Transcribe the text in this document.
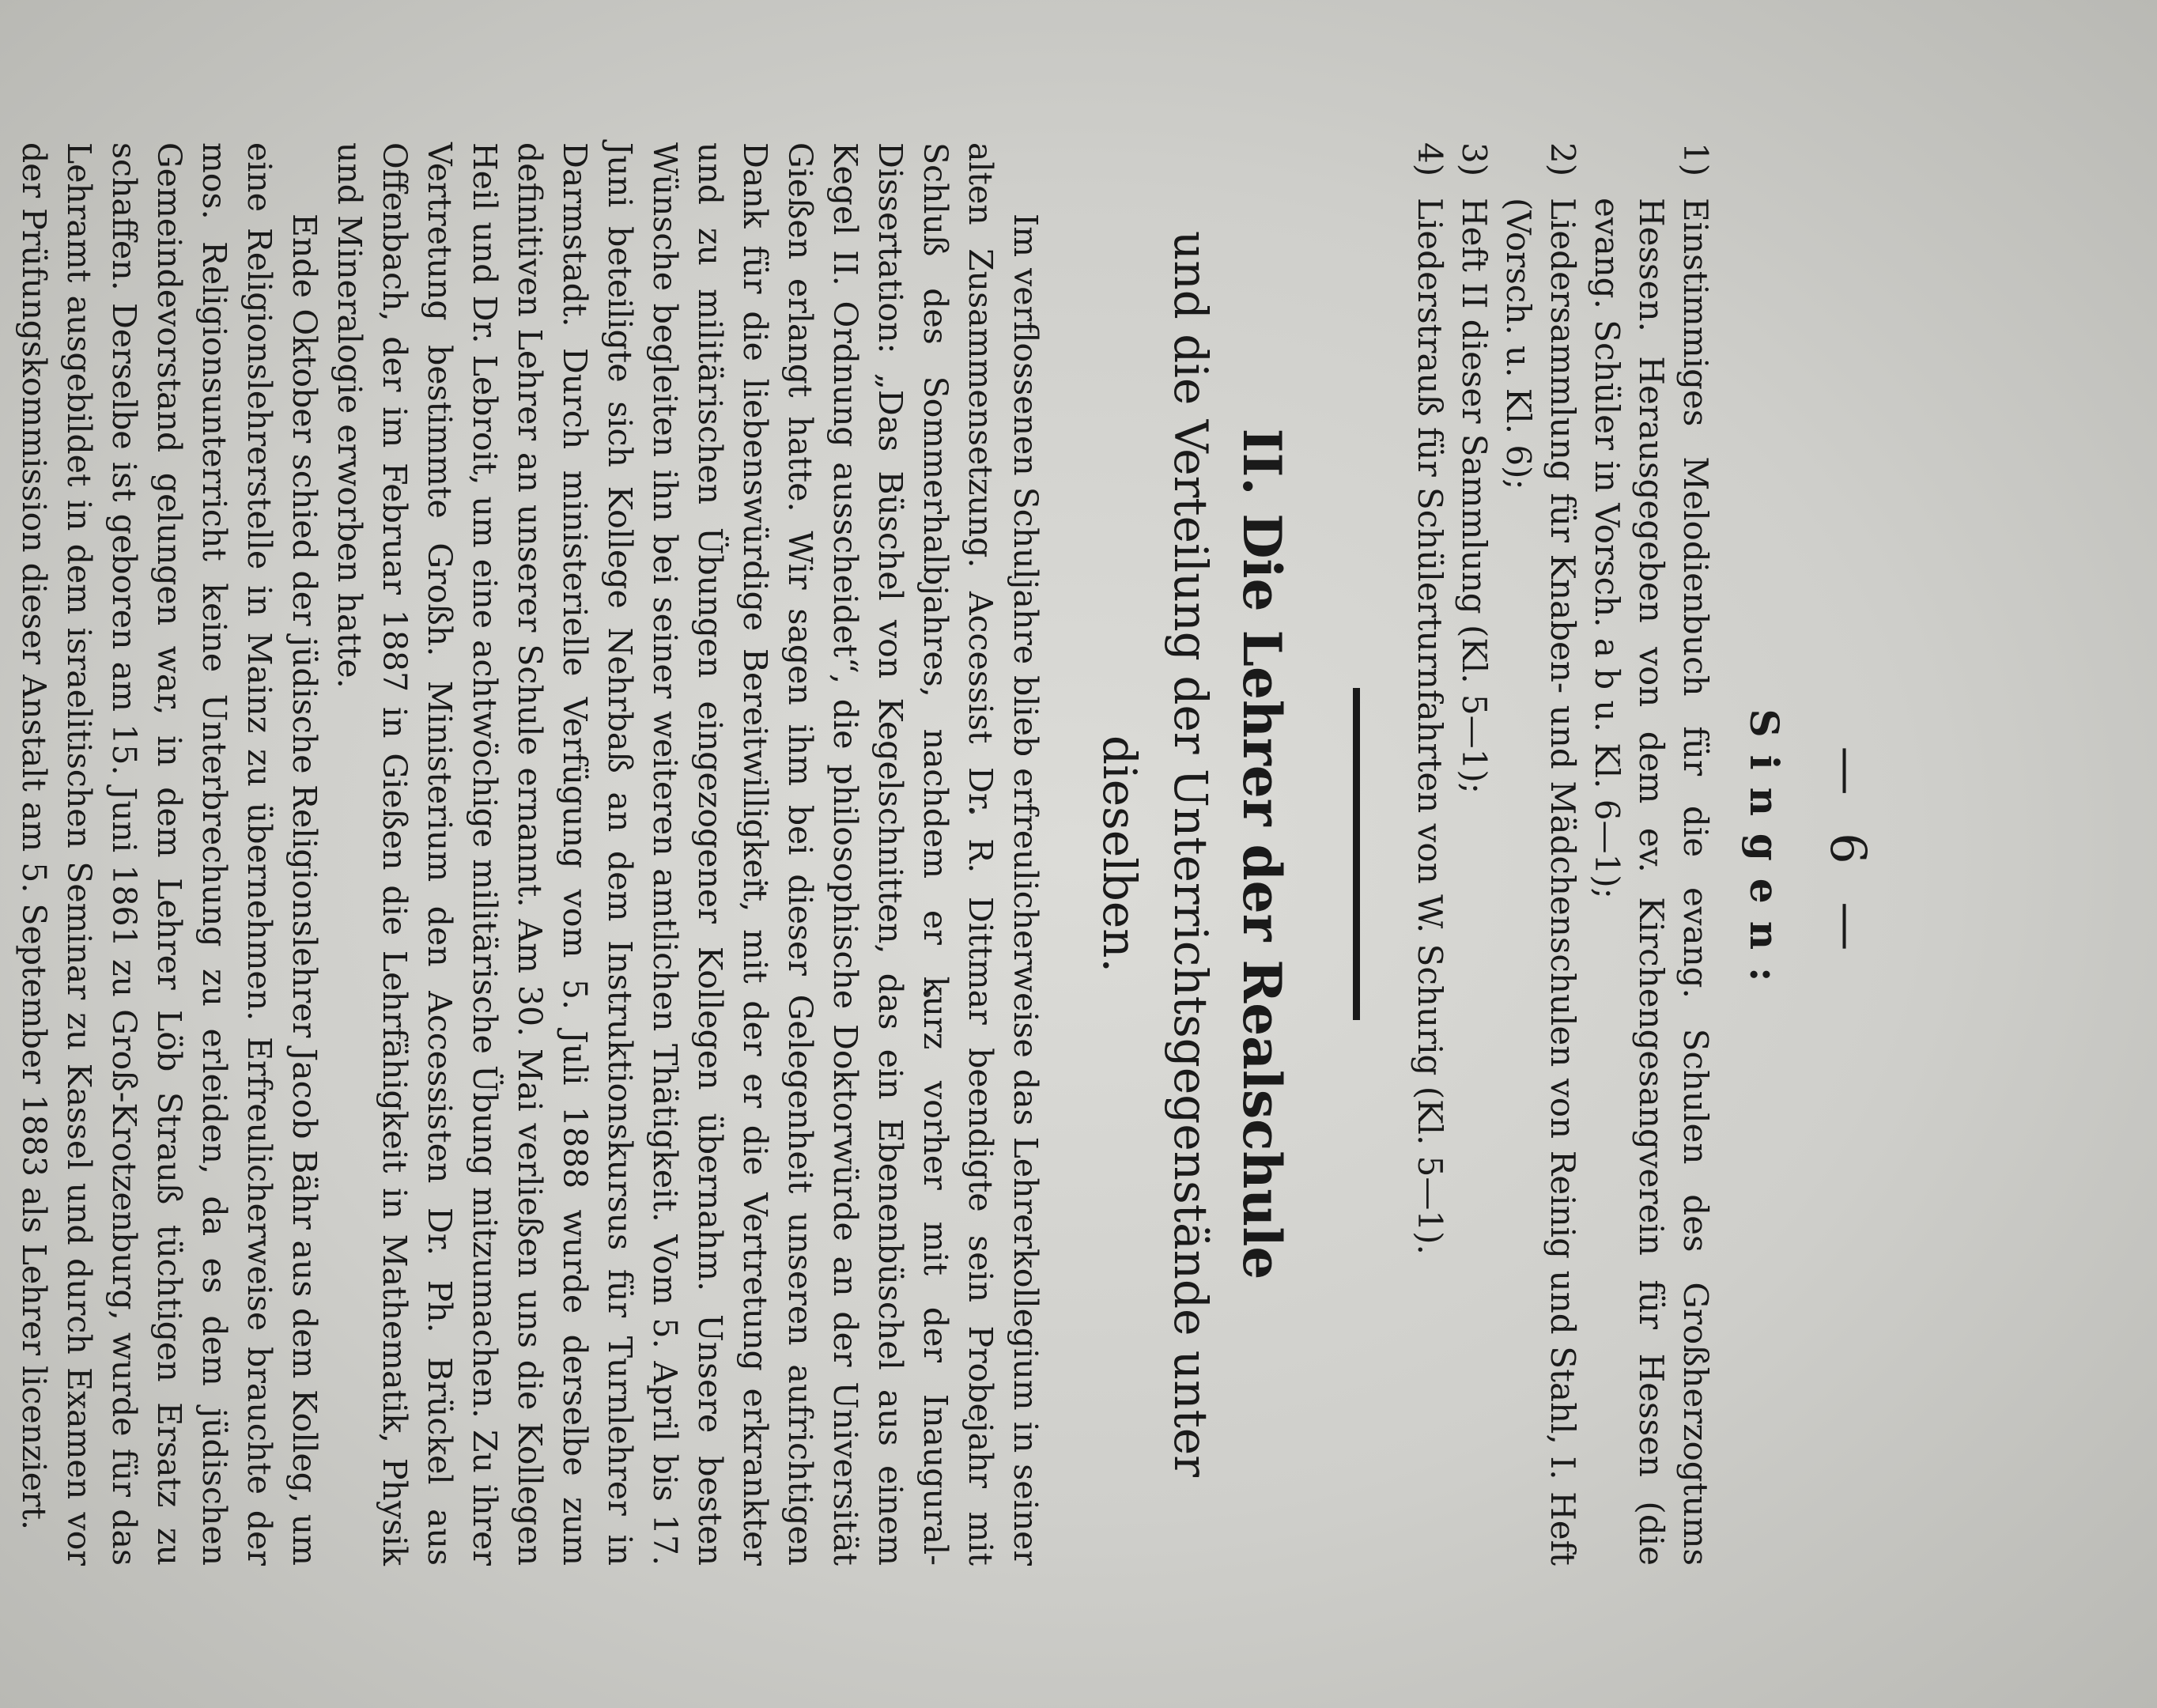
— 6 —
Singen:
1)
Einstimmiges Melodienbuch für die evang. Schulen des Großherzogtums Hessen. Herausgegeben von dem ev. Kirchengesangverein für Hessen (die evang. Schüler in Vorsch. a b u. Kl. 6—1);
2)
Liedersammlung für Knaben- und Mädchenschulen von Reinig und Stahl, I. Heft (Vorsch. u. Kl. 6);
3)
Heft II dieser Sammlung (Kl. 5—1);
4)
Liederstrauß für Schülerturnfahrten von W. Schurig (Kl. 5—1).
II. Die Lehrer der Realschule
und die Verteilung der Unterrichtsgegenstände unter dieselben.

Im verflossenen Schuljahre blieb erfreulicherweise das Lehrerkollegium in seiner alten Zusammensetzung. Accessist Dr. R. Dittmar beendigte sein Probejahr mit Schluß des Sommerhalbjahres, nachdem er kurz vorher mit der Inaugural-Dissertation: „Das Büschel von Kegelschnitten, das ein Ebenenbüschel aus einem Kegel II. Ordnung ausscheidet“, die philosophische Doktorwürde an der Universität Gießen erlangt hatte. Wir sagen ihm bei dieser Gelegenheit unseren aufrichtigen Dank für die liebenswürdige Bereitwilligkeit, mit der er die Vertretung erkrankter und zu militärischen Übungen eingezogener Kollegen übernahm. Unsere besten Wünsche begleiten ihn bei seiner weiteren amtlichen Thätigkeit. Vom 5. April bis 17. Juni beteiligte sich Kollege Nehrbaß an dem Instruktionskursus für Turnlehrer in Darmstadt. Durch ministerielle Verfügung vom 5. Juli 1888 wurde derselbe zum definitiven Lehrer an unserer Schule ernannt. Am 30. Mai verließen uns die Kollegen Heil und Dr. Lebroit, um eine achtwöchige militärische Übung mitzumachen. Zu ihrer Vertretung bestimmte Großh. Ministerium den Accessisten Dr. Ph. Brückel aus Offenbach, der im Februar 1887 in Gießen die Lehrfähigkeit in Mathematik, Physik und Mineralogie erworben hatte.

Ende Oktober schied der jüdische Religionslehrer Jacob Bähr aus dem Kolleg, um eine Religionslehrerstelle in Mainz zu übernehmen. Erfreulicherweise brauchte der mos. Religionsunterricht keine Unterbrechung zu erleiden, da es dem jüdischen Gemeindevorstand gelungen war, in dem Lehrer Löb Strauß tüchtigen Ersatz zu schaffen. Derselbe ist geboren am 15. Juni 1861 zu Groß-Krotzenburg, wurde für das Lehramt ausgebildet in dem israelitischen Seminar zu Kassel und durch Examen vor der Prüfungskommission dieser Anstalt am 5. September 1883 als Lehrer licenziert.
